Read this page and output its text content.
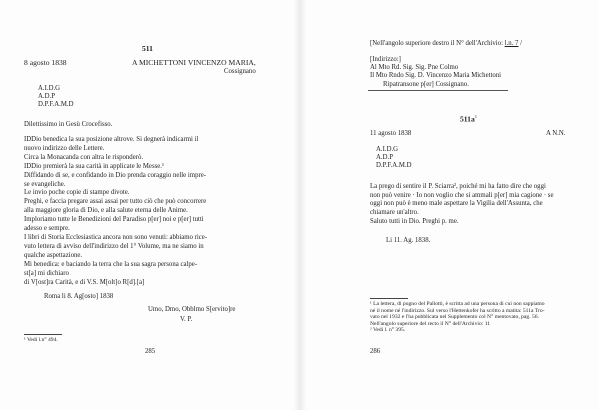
511
8 agosto 1838	A MICHETTONI VINCENZO MARIA,
Cossignano
A.I.D.G
A.D.P
D.P.F.A.M.D
Dilettissimo in Gesù Crocefisso.
IDDio benedica la sua posizione altrove. Si degnerà indicarmi il
nuovo indirizzo delle Lettere.
Circa la Monacanda con altra le risponderò.
IDDio premierà la sua carità in applicate le Messe.¹
Diffidando di se, e confidando in Dio prenda coraggio nelle impre-
se evangeliche.
Le invio poche copie di stampe divote.
Preghi, e faccia pregare assai assai per tutto ciò che può concorrere
alla maggiore gloria di Dio, e alla salute eterna delle Anime.
Imploriamo tutte le Benedizioni del Paradiso p[er] noi e p[er] tutti
adesso e sempre.
I libri di Storia Ecclesiastica ancora non sono venuti: abbiamo rice-
vuto lettera di avviso dell'indirizzo del 1° Volume, ma ne siamo in
qualche aspettazione.
Mi benedica: e baciando la terra che la sua sagra persona calpe-
st[a] mi dichiaro
di V[ost]ra Carità, e di V.S. M[olt]o R[d].[a]
Roma li 8. Ag[osto] 1838
Umo, Dmo, Obblmo S[ervito]re
V. P.
¹ Vedi l.n° 494.
285
[Nell'angolo superiore destro il N° dell'Archivio: l.n. 7 /
[Indirizzo:]
Al Mto Rd. Sig. Sig. Pne Colmo
Il Mto Rndo Sig. D. Vincenzo Maria Michettoni
Ripatransone p[er] Cossignano.
$511a^1$
11 agosto 1838	A N.N.
A.I.D.G
A.D.P
D.P.F.A.M.D
La prego di sentire il P. Sciarra², poiché mi ha fatto dire che oggi
non può venire · Io non voglio che si ammali p[er] mia cagione · se
oggi non può è meno male aspettare la Vigilia dell'Assunta, che
chiamare un'altro.
Saluto tutti in Dio. Preghi p. me.
Li 11. Ag. 1838.
¹ La lettera, di pugno del Pallotti, è scritta ad una persona di cui non sappiamo
né il nome né l'indirizzo. Sul verso l'Hettenkofer ha scritto a matita: 511a Tro-
vato nel 1932 e l'ha pubblicata nel Supplemento col N° mentovato, pag. 56.
Nell'angolo superiore del recto il N° dell'Archivio: 11
² Vedi l. n° 395.
286
